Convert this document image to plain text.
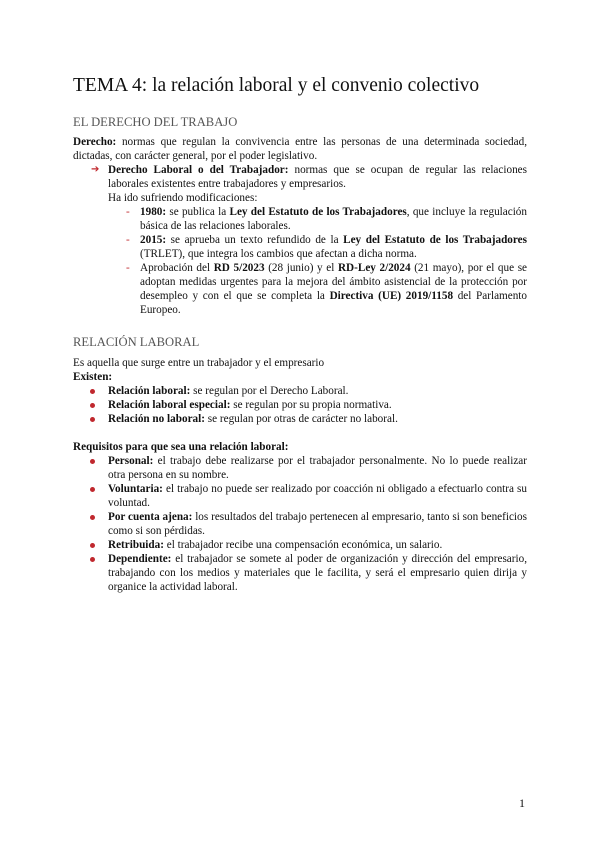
TEMA 4: la relación laboral y el convenio colectivo
EL DERECHO DEL TRABAJO

Derecho: normas que regulan la convivencia entre las personas de una determinada sociedad, dictadas, con carácter general, por el poder legislativo.

➔ Derecho Laboral o del Trabajador: normas que se ocupan de regular las relaciones laborales existentes entre trabajadores y empresarios.

Ha ido sufriendo modificaciones:

- 1980: se publica la Ley del Estatuto de los Trabajadores, que incluye la regulación básica de las relaciones laborales.

- 2015: se aprueba un texto refundido de la Ley del Estatuto de los Trabajadores (TRLET), que integra los cambios que afectan a dicha norma.

- Aprobación del RD 5/2023 (28 junio) y el RD-Ley 2/2024 (21 mayo), por el que se adoptan medidas urgentes para la mejora del ámbito asistencial de la protección por desempleo y con el que se completa la Directiva (UE) 2019/1158 del Parlamento Europeo.

RELACIÓN LABORAL

Es aquella que surge entre un trabajador y el empresario

Existen:

Relación laboral: se regulan por el Derecho Laboral.

Relación laboral especial: se regulan por su propia normativa.

Relación no laboral: se regulan por otras de carácter no laboral.

Requisitos para que sea una relación laboral:

Personal: el trabajo debe realizarse por el trabajador personalmente. No lo puede realizar otra persona en su nombre.

Voluntaria: el trabajo no puede ser realizado por coacción ni obligado a efectuarlo contra su voluntad.

Por cuenta ajena: los resultados del trabajo pertenecen al empresario, tanto si son beneficios como si son pérdidas.

Retribuida: el trabajador recibe una compensación económica, un salario.

Dependiente: el trabajador se somete al poder de organización y dirección del empresario, trabajando con los medios y materiales que le facilita, y será el empresario quien dirija y organice la actividad laboral.

1
